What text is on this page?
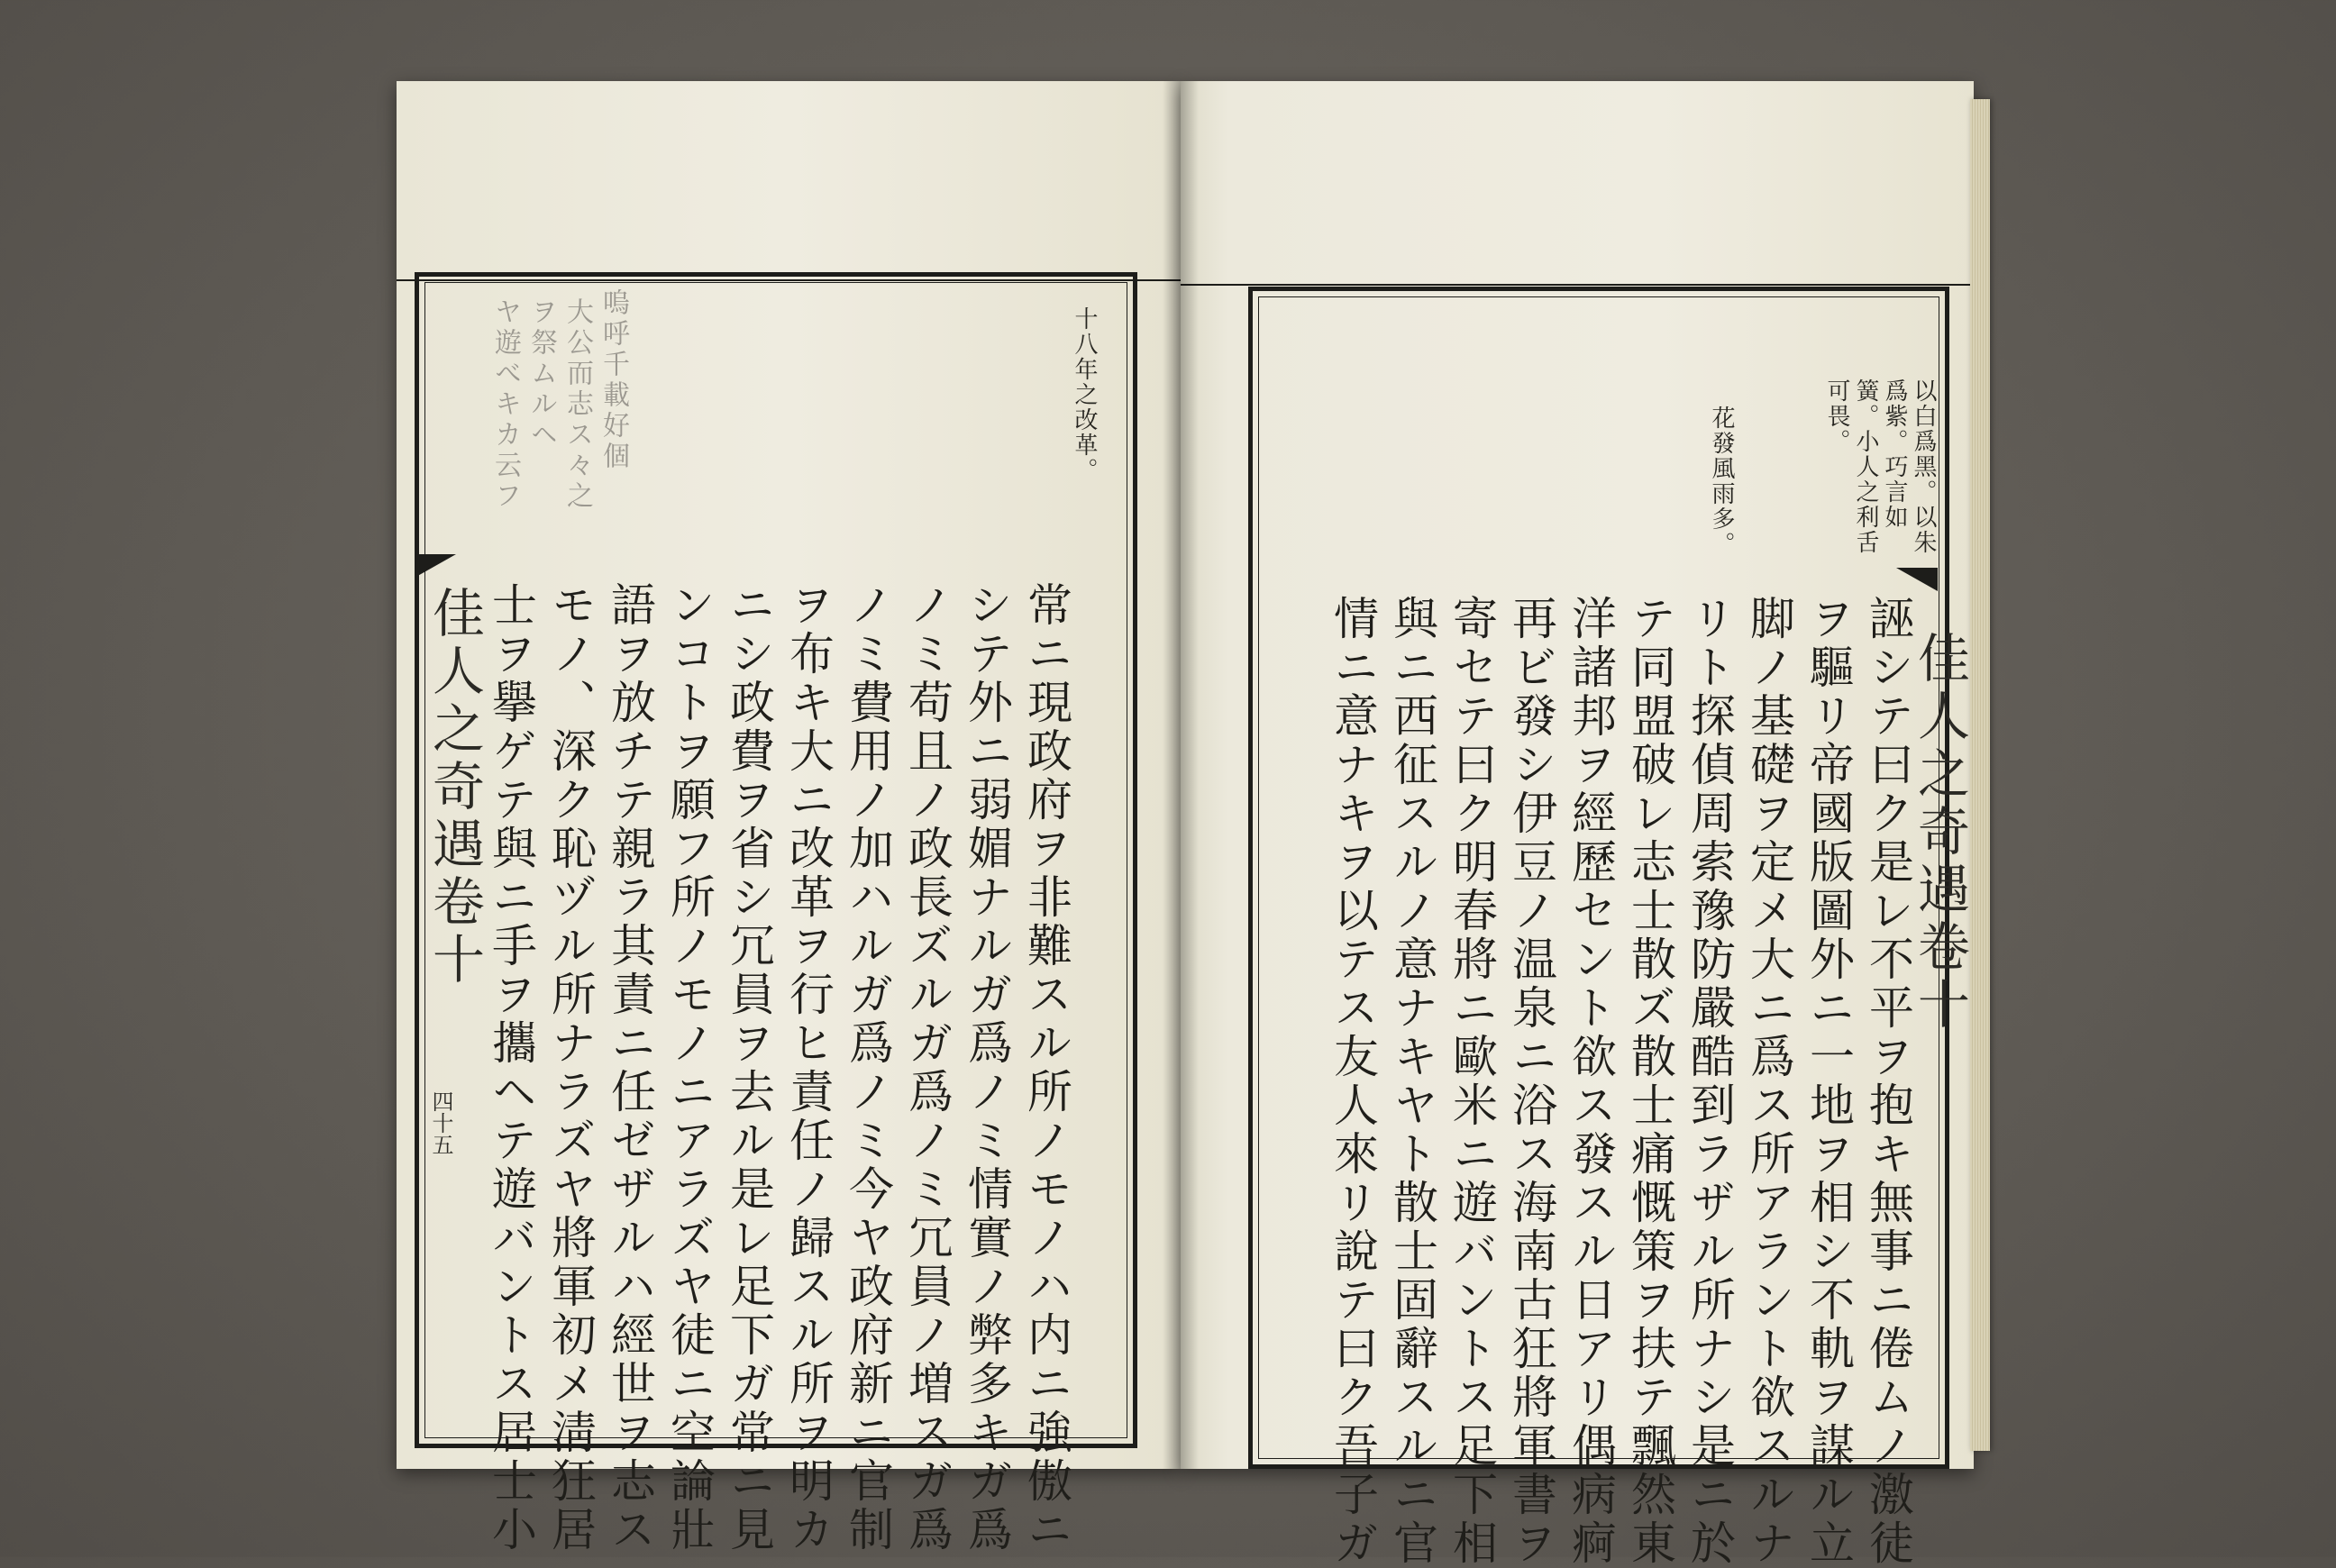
佳人之奇遇卷十
四十五
十八年之改革。
嗚呼千載好個
大公而志ス々之
ヲ祭ムルヘ
ヤ遊べキカ云フ
常ニ現政府ヲ非難スル所ノモノハ内ニ強傲ニ
シテ外ニ弱媚ナルガ爲ノミ情實ノ弊多キガ爲
ノミ苟且ノ政長ズルガ爲ノミ冗員ノ増スガ爲
ノミ費用ノ加ハルガ爲ノミ今ヤ政府新ニ官制
ヲ布キ大ニ改革ヲ行ヒ責任ノ歸スル所ヲ明カ
ニシ政費ヲ省シ冗員ヲ去ル是レ足下ガ常ニ見
ンコトヲ願フ所ノモノニアラズヤ徒ニ空論壯
語ヲ放チテ親ラ其責ニ任ゼザルハ經世ヲ志ス
モノ、深ク恥ヅル所ナラズヤ將軍初メ淸狂居
士ヲ擧ゲテ與ニ手ヲ攜ヘテ遊バントス居士小	佳人之奇遇卷十
以白爲黑。以朱爲紫。巧言如簧。小人之利舌可畏。
花發風雨多。
誣シテ曰ク是レ不平ヲ抱キ無事ニ倦ムノ激徒
ヲ驅リ帝國版圖外ニ一地ヲ相シ不軌ヲ謀ル立
脚ノ基礎ヲ定メ大ニ爲ス所アラント欲スルナ
リト探偵周索豫防嚴酷到ラザル所ナシ是ニ於
テ同盟破レ志士散ズ散士痛慨策ヲ扶テ飄然東
洋諸邦ヲ經歷セント欲ス發スル日アリ偶病痾
再ビ發シ伊豆ノ温泉ニ浴ス海南古狂將軍書ヲ
寄セテ曰ク明春將ニ歐米ニ遊バントス足下相
與ニ西征スルノ意ナキヤト散士固辭スルニ官
情ニ意ナキヲ以テス友人來リ說テ曰ク吾子ガ
